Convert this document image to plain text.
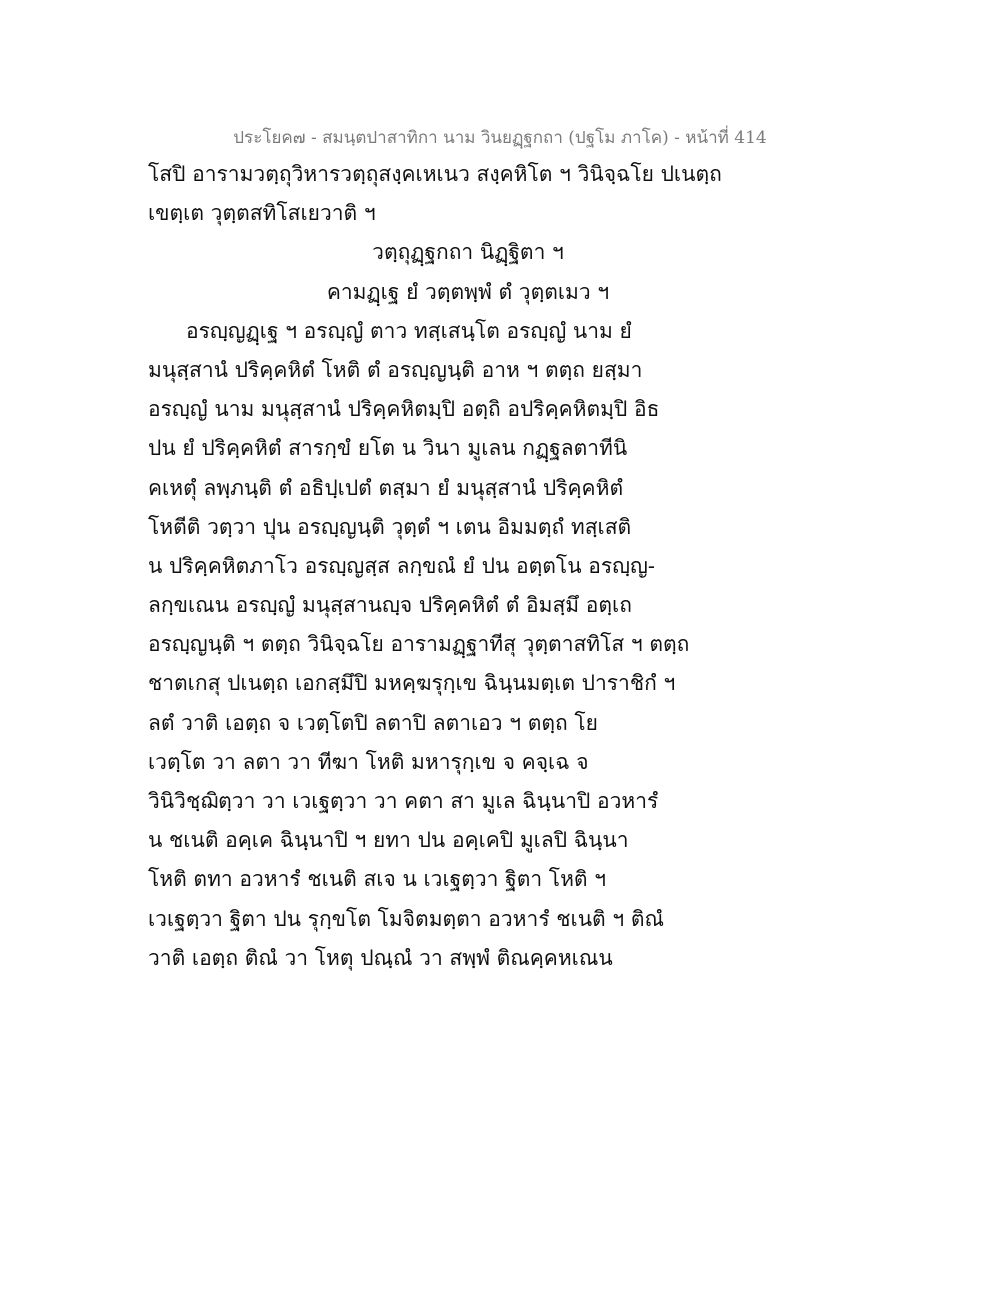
ประโยค๗ - สมนฺตปาสาทิกา นาม วินยฏฺฐกถา (ปฐโม ภาโค) - หน้าที่ 414
โสปิ อารามวตฺถุวิหารวตฺถุสงฺคเหเนว สงฺคหิโต ฯ วินิจฺฉโย ปเนตฺถ
เขตฺเต วุตฺตสทิโสเยวาติ ฯ
วตฺถุฏฺฐกถา นิฏฺฐิตา ฯ
คามฏฺเฐ ยํ วตฺตพฺพํ ตํ วุตฺตเมว ฯ
อรญฺญฏฺเฐ ฯ อรญฺญํ ตาว ทสฺเสนฺโต อรญฺญํ นาม ยํ
มนุสฺสานํ ปริคฺคหิตํ โหติ ตํ อรญฺญนฺติ อาห ฯ ตตฺถ ยสฺมา
อรญฺญํ นาม มนุสฺสานํ ปริคฺคหิตมฺปิ อตฺถิ อปริคฺคหิตมฺปิ อิธ
ปน ยํ ปริคฺคหิตํ สารกฺขํ ยโต น วินา มูเลน กฏฺฐลตาทีนิ
คเหตุํ ลพฺภนฺติ ตํ อธิปฺเปตํ ตสฺมา ยํ มนุสฺสานํ ปริคฺคหิตํ
โหตีติ วตฺวา ปุน อรญฺญนฺติ วุตฺตํ ฯ เตน อิมมตฺถํ ทสฺเสติ
น ปริคฺคหิตภาโว อรญฺญสฺส ลกฺขณํ ยํ ปน อตฺตโน อรญฺญ-
ลกฺขเณน อรญฺญํ มนุสฺสานญฺจ ปริคฺคหิตํ ตํ อิมสฺมึ อตฺเถ
อรญฺญนฺติ ฯ ตตฺถ วินิจฺฉโย อารามฏฺฐาทีสุ วุตฺตาสทิโส ฯ ตตฺถ
ชาตเกสุ ปเนตฺถ เอกสฺมึปิ มหคฺฆรุกฺเข ฉินฺนมตฺเต ปาราชิกํ ฯ
ลตํ วาติ เอตฺถ จ เวตฺโตปิ ลตาปิ ลตาเอว ฯ ตตฺถ โย
เวตฺโต วา ลตา วา ทีฆา โหติ มหารุกฺเข จ คจฺเฉ จ
วินิวิชฺฌิตฺวา วา เวเฐตฺวา วา คตา สา มูเล ฉินฺนาปิ อวหารํ
น ชเนติ อคฺเค ฉินฺนาปิ ฯ ยทา ปน อคฺเคปิ มูเลปิ ฉินฺนา
โหติ ตทา อวหารํ ชเนติ สเจ น เวเฐตฺวา ฐิตา โหติ ฯ
เวเฐตฺวา ฐิตา ปน รุกฺขโต โมจิตมตฺตา อวหารํ ชเนติ ฯ ติณํ
วาติ เอตฺถ ติณํ วา โหตุ ปณฺณํ วา สพฺพํ ติณคฺคหเณน
